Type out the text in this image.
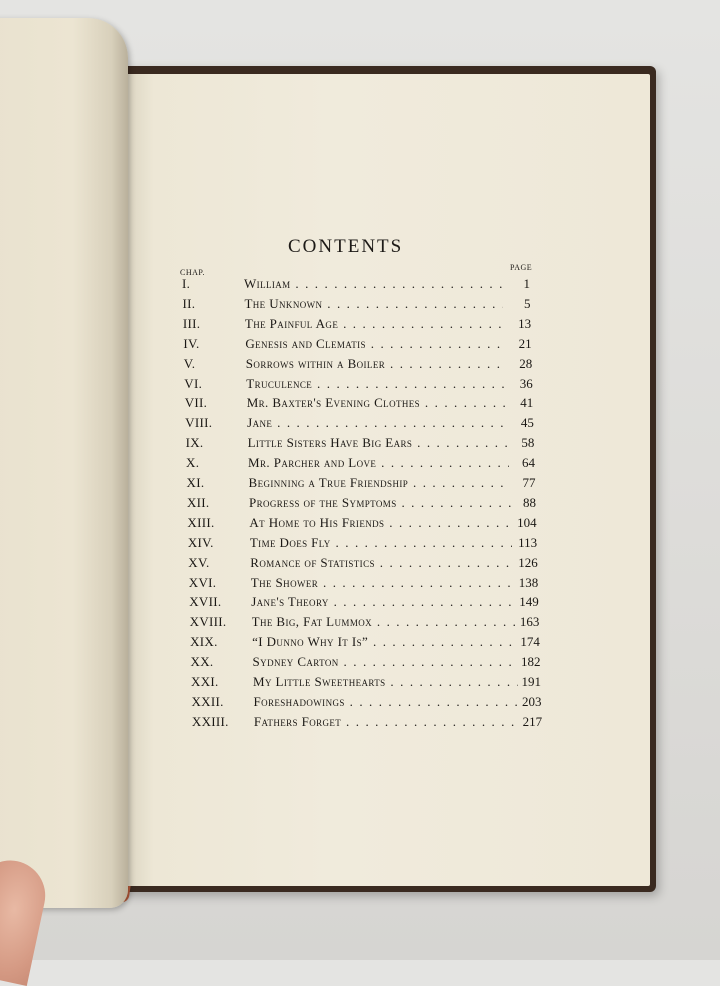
CONTENTS
CHAP.
PAGE
I.	William . . .	1
II.	The Unknown . . .	5
III.	The Painful Age . . .	13
IV.	Genesis and Clematis . . .	21
V.	Sorrows within a Boiler . . .	28
VI.	Truculence . . .	36
VII.	Mr. Baxter's Evening Clothes . . .	41
VIII.	Jane . . .	45
IX.	Little Sisters Have Big Ears . . .	58
X.	Mr. Parcher and Love . . .	64
XI.	Beginning a True Friendship . . .	77
XII.	Progress of the Symptoms . . .	88
XIII.	At Home to His Friends . . .	104
XIV.	Time Does Fly . . .	113
XV.	Romance of Statistics . . .	126
XVI.	The Shower . . .	138
XVII. Jane's Theory . . .	149
XVIII. The Big, Fat Lummox . . .	163
XIX.	“I Dunno Why It Is” . . .	174
XX.	Sydney Carton . . .	182
XXI.	My Little Sweethearts . . .	191
XXII. Foreshadowings . . .	203
XXIII. Fathers Forget . . .	217
